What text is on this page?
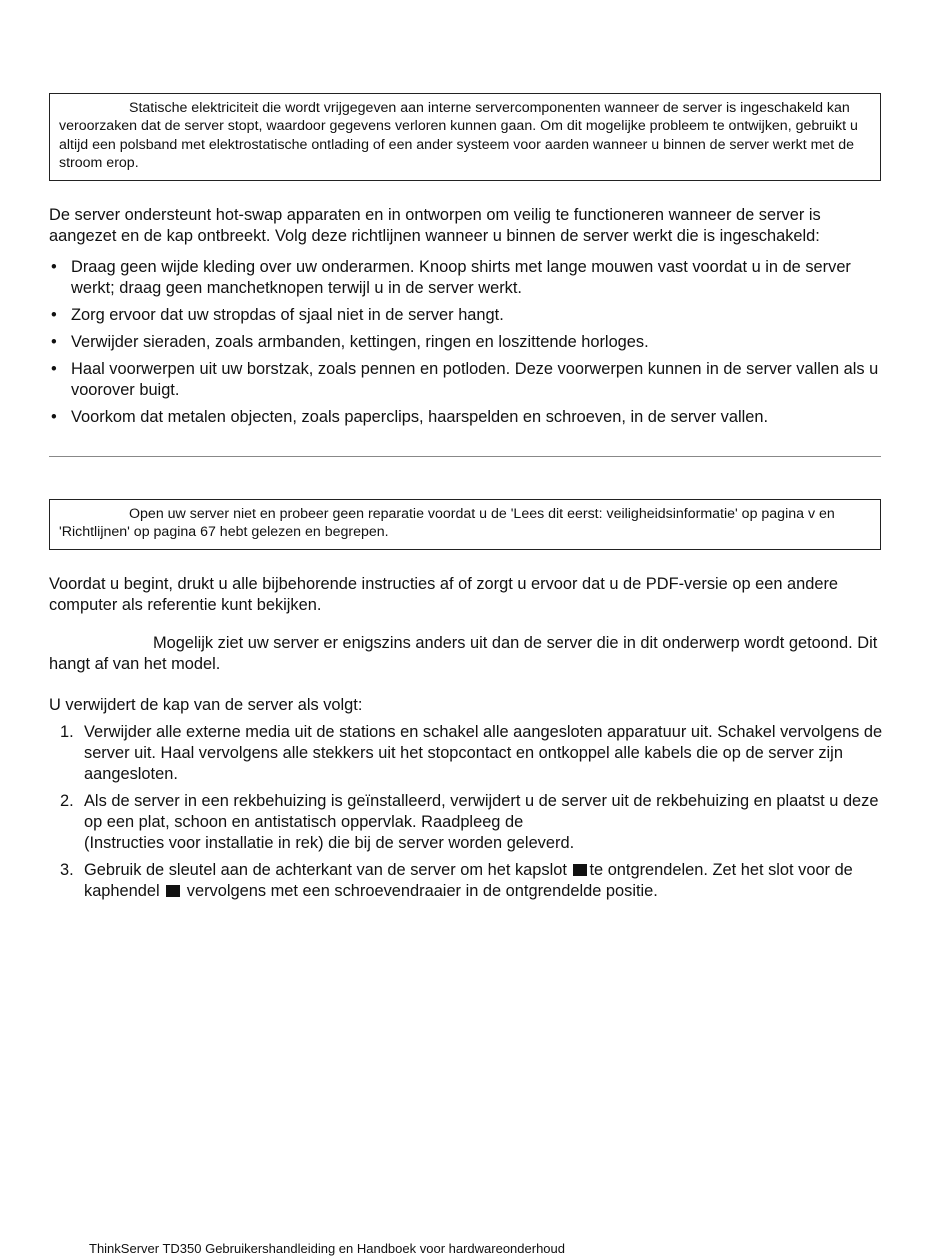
Statische elektriciteit die wordt vrijgegeven aan interne servercomponenten wanneer de server is ingeschakeld kan veroorzaken dat de server stopt, waardoor gegevens verloren kunnen gaan. Om dit mogelijke probleem te ontwijken, gebruikt u altijd een polsband met elektrostatische ontlading of een ander systeem voor aarden wanneer u binnen de server werkt met de stroom erop.

De server ondersteunt hot-swap apparaten en in ontworpen om veilig te functioneren wanneer de server is aangezet en de kap ontbreekt. Volg deze richtlijnen wanneer u binnen de server werkt die is ingeschakeld:

• Draag geen wijde kleding over uw onderarmen. Knoop shirts met lange mouwen vast voordat u in de server werkt; draag geen manchetknopen terwijl u in de server werkt.
• Zorg ervoor dat uw stropdas of sjaal niet in de server hangt.
• Verwijder sieraden, zoals armbanden, kettingen, ringen en loszittende horloges.
• Haal voorwerpen uit uw borstzak, zoals pennen en potloden. Deze voorwerpen kunnen in de server vallen als u voorover buigt.
• Voorkom dat metalen objecten, zoals paperclips, haarspelden en schroeven, in de server vallen.
Open uw server niet en probeer geen reparatie voordat u de 'Lees dit eerst: veiligheidsinformatie' op pagina v en 'Richtlijnen' op pagina 67 hebt gelezen en begrepen.

Voordat u begint, drukt u alle bijbehorende instructies af of zorgt u ervoor dat u de PDF-versie op een andere computer als referentie kunt bekijken.

Mogelijk ziet uw server er enigszins anders uit dan de server die in dit onderwerp wordt getoond. Dit hangt af van het model.

U verwijdert de kap van de server als volgt:

1. Verwijder alle externe media uit de stations en schakel alle aangesloten apparatuur uit. Schakel vervolgens de server uit. Haal vervolgens alle stekkers uit het stopcontact en ontkoppel alle kabels die op de server zijn aangesloten.
2. Als de server in een rekbehuizing is geïnstalleerd, verwijdert u de server uit de rekbehuizing en plaatst u deze op een plat, schoon en antistatisch oppervlak. Raadpleeg de
(Instructies voor installatie in rek) die bij de server worden geleverd.
3. Gebruik de sleutel aan de achterkant van de server om het kapslot te ontgrendelen. Zet het slot voor de kaphendel vervolgens met een schroevendraaier in de ontgrendelde positie.
ThinkServer TD350 Gebruikershandleiding en Handboek voor hardwareonderhoud
